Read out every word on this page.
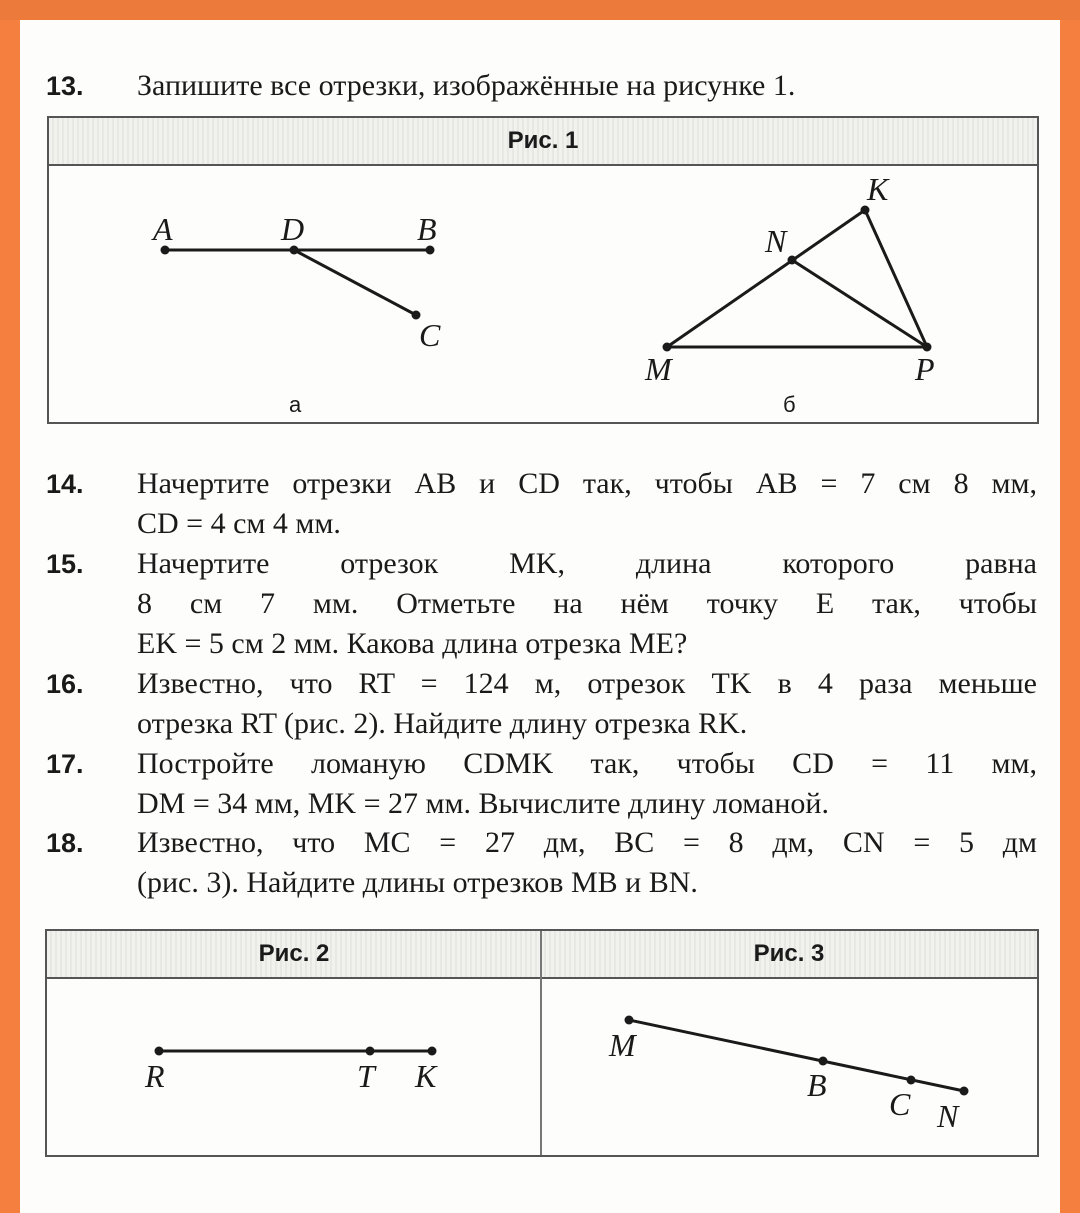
13. Запишите все отрезки, изображённые на рисунке 1.
Рис. 1
A	D	B
C
а
K
N
M	P
б
14. Начертите отрезки AB и CD так, чтобы AB = 7 см 8 мм,
CD = 4 см 4 мм.
15. Начертите отрезок MK, длина которого равна
8 см 7 мм. Отметьте на нём точку E так, чтобы
EK = 5 см 2 мм. Какова длина отрезка ME?
16. Известно, что RT = 124 м, отрезок TK в 4 раза меньше
отрезка RT (рис. 2). Найдите длину отрезка RK.
17. Постройте ломаную CDMK так, чтобы CD = 11 мм,
DM = 34 мм, MK = 27 мм. Вычислите длину ломаной.
18. Известно, что MC = 27 дм, BC = 8 дм, CN = 5 дм
(рис. 3). Найдите длины отрезков MB и BN.
Рис. 2	Рис. 3
R	T K
M
B
C N
